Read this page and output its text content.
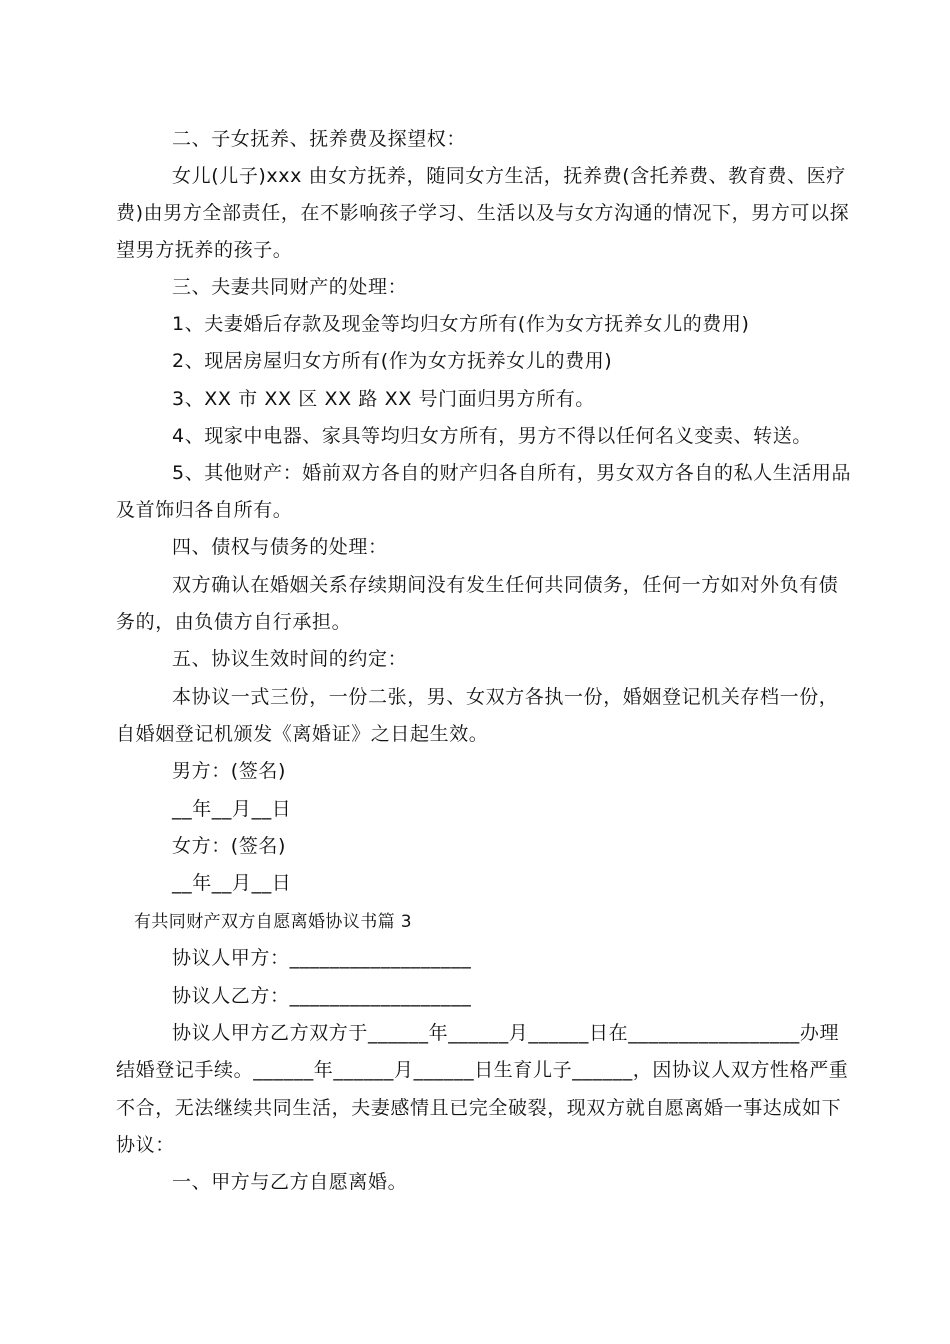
二、子女抚养、抚养费及探望权：
女儿(儿子)xxx 由女方抚养，随同女方生活，抚养费(含托养费、教育费、医疗
费)由男方全部责任，在不影响孩子学习、生活以及与女方沟通的情况下，男方可以探
望男方抚养的孩子。
三、夫妻共同财产的处理：
1、夫妻婚后存款及现金等均归女方所有(作为女方抚养女儿的费用)
2、现居房屋归女方所有(作为女方抚养女儿的费用)
3、XX 市 XX 区 XX 路 XX 号门面归男方所有。
4、现家中电器、家具等均归女方所有，男方不得以任何名义变卖、转送。
5、其他财产：婚前双方各自的财产归各自所有，男女双方各自的私人生活用品
及首饰归各自所有。
四、债权与债务的处理：
双方确认在婚姻关系存续期间没有发生任何共同债务，任何一方如对外负有债
务的，由负债方自行承担。
五、协议生效时间的约定：
本协议一式三份，一份二张，男、女双方各执一份，婚姻登记机关存档一份，
自婚姻登记机颁发《离婚证》之日起生效。
男方：(签名)
__年__月__日
女方：(签名)
__年__月__日
有共同财产双方自愿离婚协议书篇 3
协议人甲方：__________________
协议人乙方：__________________
协议人甲方乙方双方于______年______月______日在_________________办理
结婚登记手续。______年______月______日生育儿子______，因协议人双方性格严重
不合，无法继续共同生活，夫妻感情且已完全破裂，现双方就自愿离婚一事达成如下
协议：
一、甲方与乙方自愿离婚。
